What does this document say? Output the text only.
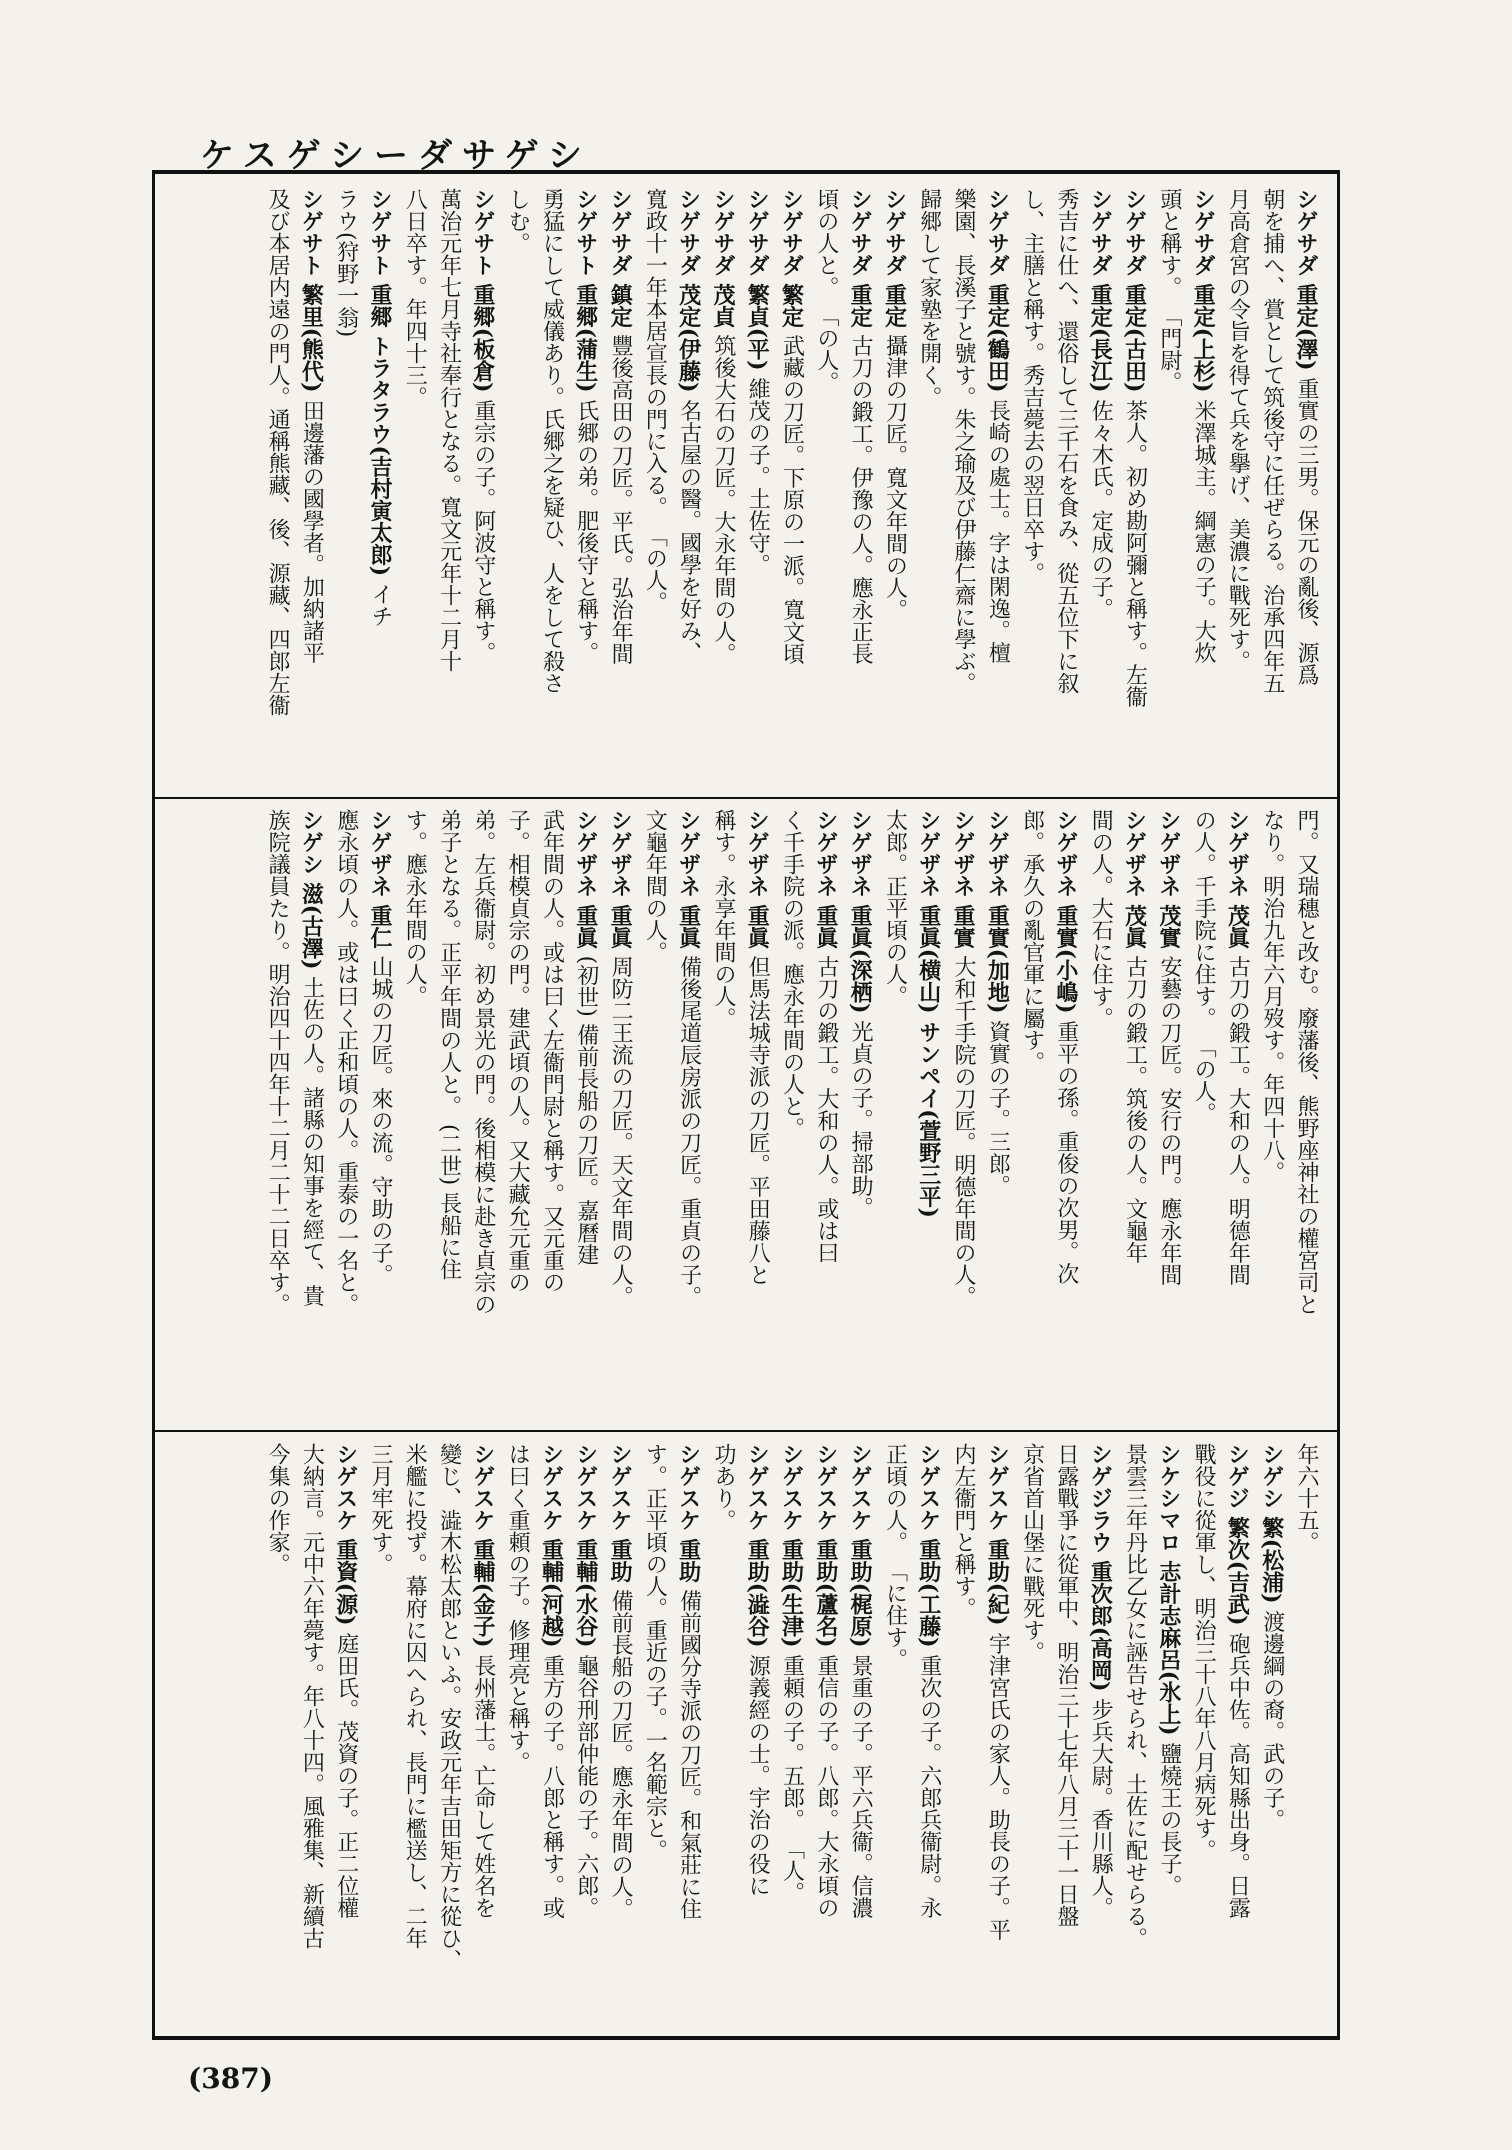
ケスゲシーダサゲシ
シゲサダ 重定(澤) 重實の三男。保元の亂後、源爲
朝を捕へ、賞として筑後守に任ぜらる。治承四年五
月高倉宮の令旨を得て兵を擧げ、美濃に戰死す。
シゲサダ 重定(上杉) 米澤城主。綱憲の子。大炊
頭と稱す。 「門尉。
シゲサダ 重定(古田) 茶人。初め勘阿彌と稱す。左衞
シゲサダ 重定(長江) 佐々木氏。定成の子。
秀吉に仕へ、還俗して三千石を食み、從五位下に叙
し、主膳と稱す。秀吉薨去の翌日卒す。
シゲサダ 重定(鶴田) 長崎の處士。字は閑逸。檀
樂園、長溪子と號す。朱之瑜及び伊藤仁齋に學ぶ。
歸郷して家塾を開く。
シゲサダ 重定 攝津の刀匠。寬文年間の人。
シゲサダ 重定 古刀の鍛工。伊豫の人。應永正長
頃の人と。 「の人。
シゲサダ 繁定 武藏の刀匠。下原の一派。寬文頃
シゲサダ 繁貞(平) 維茂の子。土佐守。
シゲサダ 茂貞 筑後大石の刀匠。大永年間の人。
シゲサダ 茂定(伊藤) 名古屋の醫。國學を好み、
寬政十一年本居宣長の門に入る。 「の人。
シゲサダ 鎮定 豐後高田の刀匠。平氏。弘治年間
シゲサト 重郷(蒲生) 氏郷の弟。肥後守と稱す。
勇猛にして威儀あり。氏郷之を疑ひ、人をして殺さ
しむ。
シゲサト 重郷(板倉) 重宗の子。阿波守と稱す。
萬治元年七月寺社奉行となる。寬文元年十二月十
八日卒す。年四十三。
シゲサト 重郷 トラタラウ(吉村寅太郎) イチ
ラウ(狩野一翁)
シゲサト 繁里(熊代) 田邊藩の國學者。加納諸平
及び本居内遠の門人。通稱熊藏、後、源藏、四郎左衞
門。又瑞穗と改む。廢藩後、熊野座神社の權宮司と
なり。明治九年六月歿す。年四十八。
シゲザネ 茂眞 古刀の鍛工。大和の人。明德年間
の人。千手院に住す。 「の人。
シゲザネ 茂實 安藝の刀匠。安行の門。應永年間
シゲザネ 茂眞 古刀の鍛工。筑後の人。文龜年
間の人。大石に住す。
シゲザネ 重實(小嶋) 重平の孫。重俊の次男。次
郎。承久の亂官軍に屬す。
シゲザネ 重實(加地) 資實の子。三郎。
シゲザネ 重實 大和千手院の刀匠。明德年間の人。
シゲザネ 重眞(横山) サンペイ(萱野三平)
太郎。正平頃の人。
シゲザネ 重眞(深栖) 光貞の子。掃部助。
シゲザネ 重眞 古刀の鍛工。大和の人。或は曰
く千手院の派。應永年間の人と。
シゲザネ 重眞 但馬法城寺派の刀匠。平田藤八と
稱す。永享年間の人。
シゲザネ 重眞 備後尾道辰房派の刀匠。重貞の子。
文龜年間の人。
シゲザネ 重眞 周防二王流の刀匠。天文年間の人。
シゲザネ 重眞 (初世) 備前長船の刀匠。嘉曆建
武年間の人。或は曰く左衞門尉と稱す。又元重の
子。相模貞宗の門。建武頃の人。又大藏允元重の
弟。左兵衞尉。初め景光の門。後相模に赴き貞宗の
弟子となる。正平年間の人と。 (二世) 長船に住
す。應永年間の人。
シゲザネ 重仁 山城の刀匠。來の流。守助の子。
應永頃の人。或は曰く正和頃の人。重泰の一名と。
シゲシ 滋(古澤) 土佐の人。諸縣の知事を經て、貴
族院議員たり。明治四十四年十二月二十二日卒す。
年六十五。
シゲシ 繁(松浦) 渡邊綱の裔。武の子。
シゲジ 繁次(吉武) 砲兵中佐。高知縣出身。日露
戰役に從軍し、明治三十八年八月病死す。
シケシマロ 志計志麻呂(氷上) 鹽燒王の長子。
景雲三年丹比乙女に誣告せられ、土佐に配せらる。
シゲジラウ 重次郎(高岡) 步兵大尉。香川縣人。
日露戰爭に從軍中、明治三十七年八月三十一日盤
京省首山堡に戰死す。
シゲスケ 重助(紀) 宇津宮氏の家人。助長の子。平
内左衞門と稱す。
シゲスケ 重助(工藤) 重次の子。六郎兵衞尉。永
正頃の人。 「に住す。
シゲスケ 重助(梶原) 景重の子。平六兵衞。信濃
シゲスケ 重助(蘆名) 重信の子。八郎。大永頃の
シゲスケ 重助(生津) 重頼の子。五郎。 「人。
シゲスケ 重助(澁谷) 源義經の士。宇治の役に
功あり。
シゲスケ 重助 備前國分寺派の刀匠。和氣莊に住
す。正平頃の人。重近の子。一名範宗と。
シゲスケ 重助 備前長船の刀匠。應永年間の人。
シゲスケ 重輔(水谷) 龜谷刑部仲能の子。六郎。
シゲスケ 重輔(河越) 重方の子。八郎と稱す。或
は曰く重頼の子。修理亮と稱す。
シゲスケ 重輔(金子) 長州藩士。亡命して姓名を
變じ、澁木松太郎といふ。安政元年吉田矩方に從ひ、
米艦に投ず。幕府に囚へられ、長門に檻送し、二年
三月牢死す。
シゲスケ 重資(源) 庭田氏。茂資の子。正二位權
大納言。元中六年薨す。年八十四。風雅集、新續古
今集の作家。
(387)
